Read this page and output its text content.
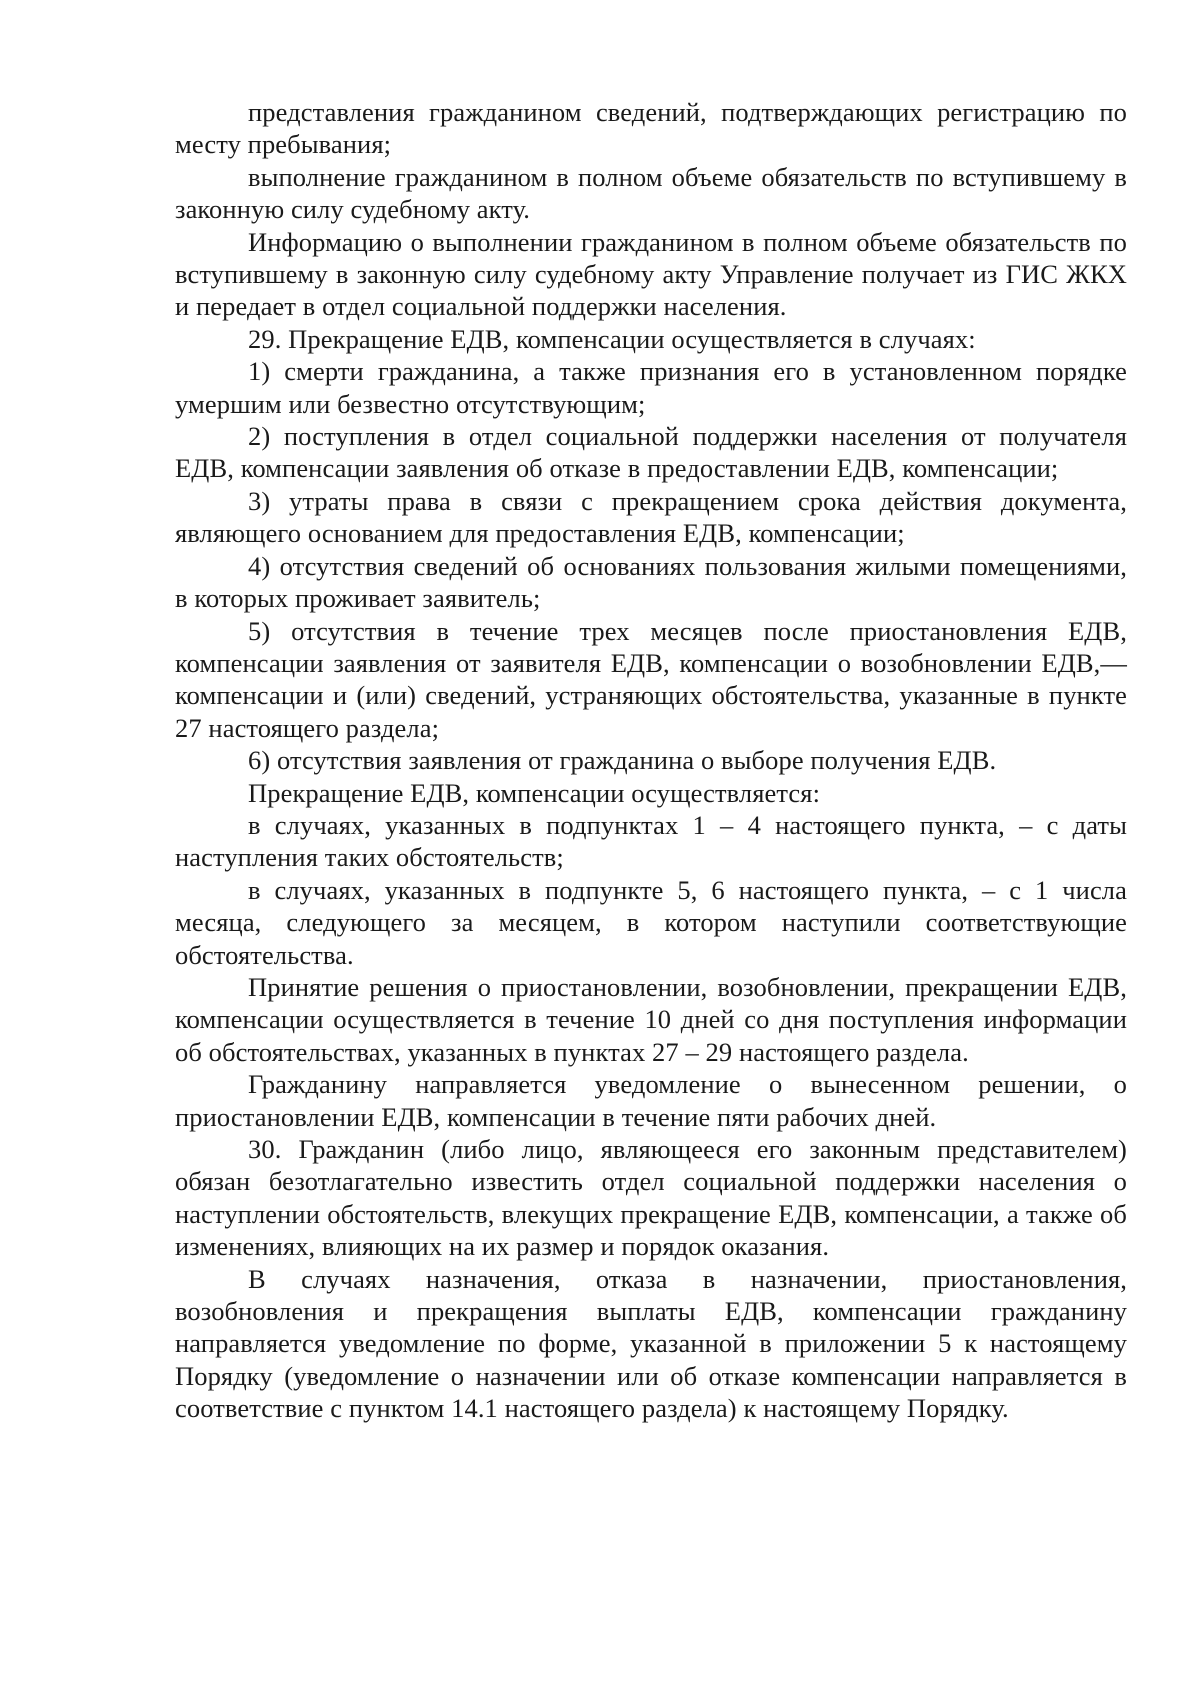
представления гражданином сведений, подтверждающих регистрацию по месту пребывания;

выполнение гражданином в полном объеме обязательств по вступившему в законную силу судебному акту.

Информацию о выполнении гражданином в полном объеме обязательств по вступившему в законную силу судебному акту Управление получает из ГИС ЖКХ и передает в отдел социальной поддержки населения.

29. Прекращение ЕДВ, компенсации осуществляется в случаях:

1) смерти гражданина, а также признания его в установленном порядке умершим или безвестно отсутствующим;

2) поступления в отдел социальной поддержки населения от получателя ЕДВ, компенсации заявления об отказе в предоставлении ЕДВ, компенсации;

3) утраты права в связи с прекращением срока действия документа, являющего основанием для предоставления ЕДВ, компенсации;

4) отсутствия сведений об основаниях пользования жилыми помещениями, в которых проживает заявитель;

5) отсутствия в течение трех месяцев после приостановления ЕДВ, компенсации заявления от заявителя ЕДВ, компенсации о возобновлении ЕДВ,—компенсации и (или) сведений, устраняющих обстоятельства, указанные в пункте 27 настоящего раздела;

6) отсутствия заявления от гражданина о выборе получения ЕДВ.

Прекращение ЕДВ, компенсации осуществляется:

в случаях, указанных в подпунктах 1 – 4 настоящего пункта, – с даты наступления таких обстоятельств;

в случаях, указанных в подпункте 5, 6 настоящего пункта, – с 1 числа месяца, следующего за месяцем, в котором наступили соответствующие обстоятельства.

Принятие решения о приостановлении, возобновлении, прекращении ЕДВ, компенсации осуществляется в течение 10 дней со дня поступления информации об обстоятельствах, указанных в пунктах 27 – 29 настоящего раздела.

Гражданину направляется уведомление о вынесенном решении, о приостановлении ЕДВ, компенсации в течение пяти рабочих дней.

30. Гражданин (либо лицо, являющееся его законным представителем) обязан безотлагательно известить отдел социальной поддержки населения о наступлении обстоятельств, влекущих прекращение ЕДВ, компенсации, а также об изменениях, влияющих на их размер и порядок оказания.

В случаях назначения, отказа в назначении, приостановления, возобновления и прекращения выплаты ЕДВ, компенсации гражданину направляется уведомление по форме, указанной в приложении 5 к настоящему Порядку (уведомление о назначении или об отказе компенсации направляется в соответствие с пунктом 14.1 настоящего раздела) к настоящему Порядку.
